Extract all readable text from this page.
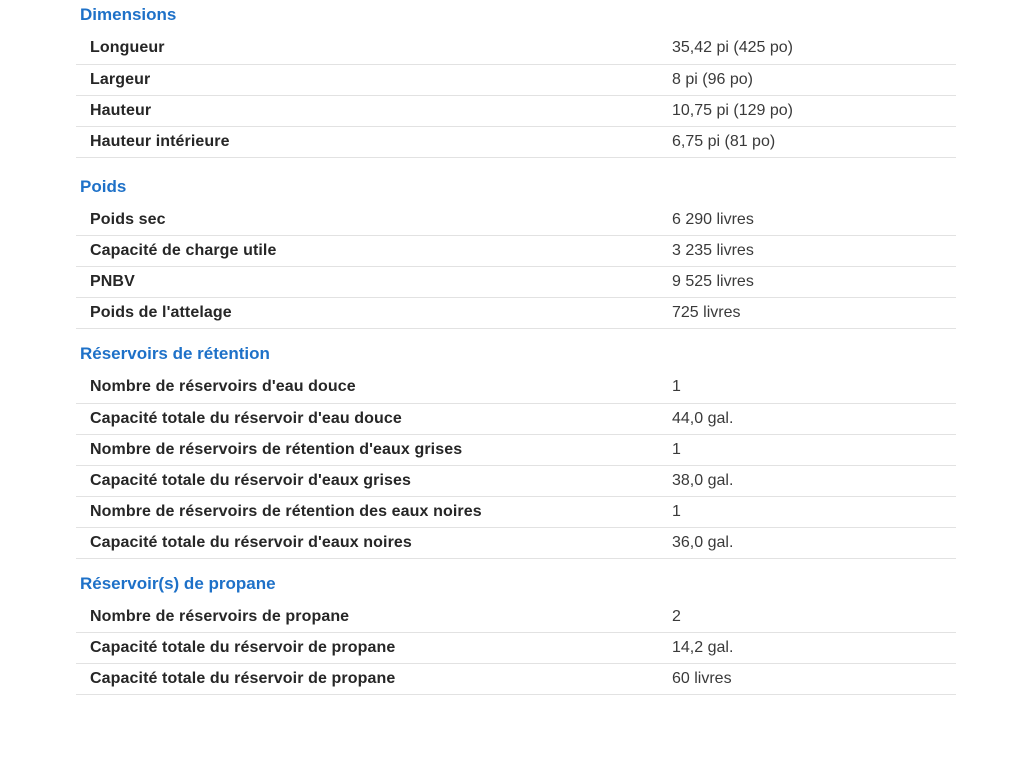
Dimensions
Longueur	35,42 pi (425 po)
Largeur	8 pi (96 po)
Hauteur	10,75 pi (129 po)
Hauteur intérieure	6,75 pi (81 po)
Poids
Poids sec	6 290 livres
Capacité de charge utile	3 235 livres
PNBV	9 525 livres
Poids de l'attelage	725 livres
Réservoirs de rétention
Nombre de réservoirs d'eau douce	1
Capacité totale du réservoir d'eau douce	44,0 gal.
Nombre de réservoirs de rétention d'eaux grises	1
Capacité totale du réservoir d'eaux grises	38,0 gal.
Nombre de réservoirs de rétention des eaux noires	1
Capacité totale du réservoir d'eaux noires	36,0 gal.
Réservoir(s) de propane
Nombre de réservoirs de propane	2
Capacité totale du réservoir de propane	14,2 gal.
Capacité totale du réservoir de propane	60 livres
